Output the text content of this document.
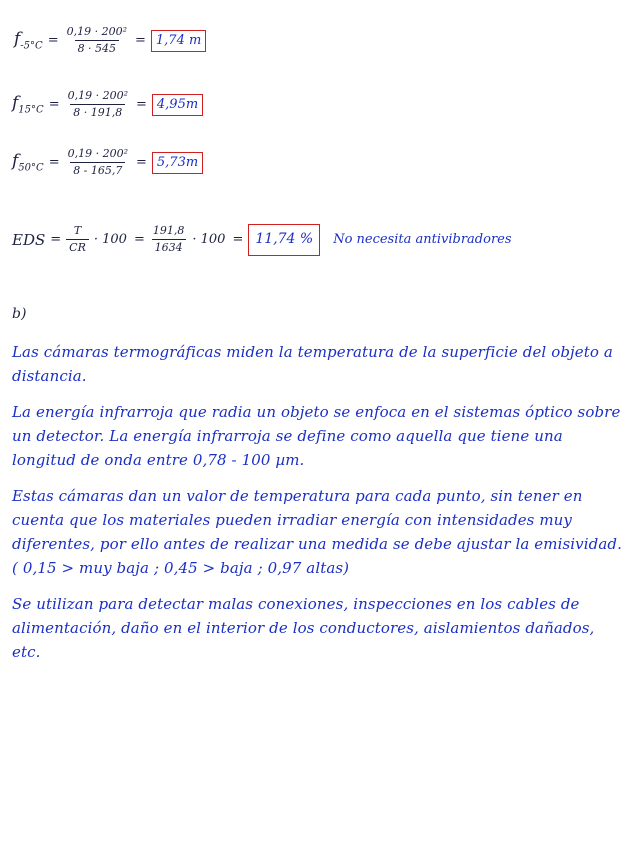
$f_{-5^\circ C} = \frac{\text{0,19 · 200²}}{8 \cdot 545} = 1,74$ m
$f_{15^\circ C} = \frac{\text{0,19 · 200²}}{8 \cdot 191,8} = 4,95m$
$f_{50^\circ C} = \frac{\text{0,19 · 200²}}{8 - 165,7} = 5,73m$
EDS = $\frac{T}{CR} \cdot 100 = \frac{191,8}{1634} \cdot 100 = 11,74$ %	No necesita antivibradores
b)
Las cámaras termográficas miden la temperatura de la superficie del objeto a distancia.
La energía infrarroja que radia un objeto se enfoca en el sistemas óptico sobre un detector. La energía infrarroja se define como aquella que tiene una longitud de onda entre 0,78 - 100 µm.
Estas cámaras dan un valor de temperatura para cada punto, sin tener en cuenta que los materiales pueden irradiar energía con intensidades muy diferentes, por ello antes de realizar una medida se debe ajustar la emisividad. ( 0,15 > muy baja ; 0,45 > baja ; 0,97 altas)
Se utilizan para detectar malas conexiones, inspecciones en los cables de alimentación, daño en el interior de los conductores, aislamientos dañados, etc.
